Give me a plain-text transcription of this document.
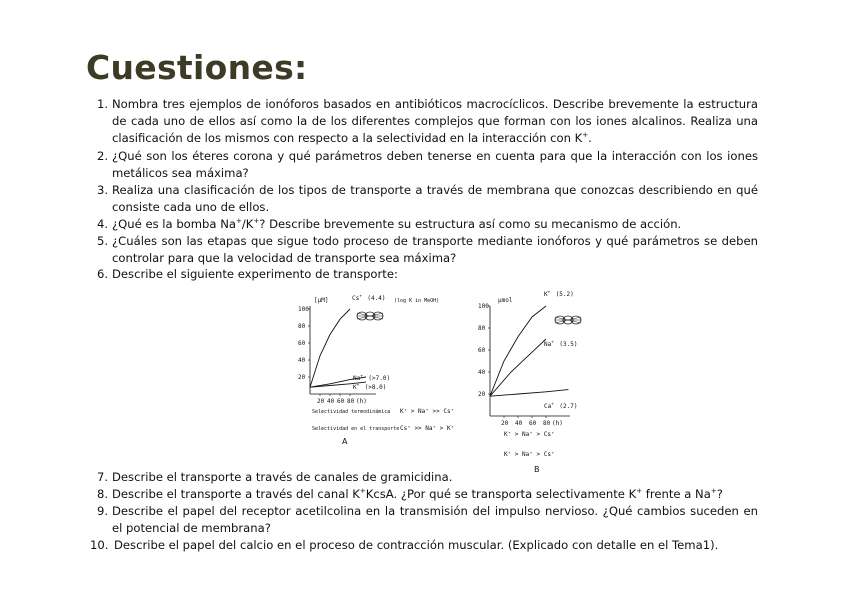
Cuestiones:
1. Nombra tres ejemplos de ionóforos basados en antibióticos macrocíclicos. Describe brevemente la estructura de cada uno de ellos así como la de los diferentes complejos que forman con los iones alcalinos. Realiza una clasificación de los mismos con respecto a la selectividad en la interacción con K+.
2. ¿Qué son los éteres corona y qué parámetros deben tenerse en cuenta para que la interacción con los iones metálicos sea máxima?
3. Realiza una clasificación de los tipos de transporte a través de membrana que conozcas describiendo en qué consiste cada uno de ellos.
4. ¿Qué es la bomba Na+/K+? Describe brevemente su estructura así como su mecanismo de acción.
5. ¿Cuáles son las etapas que sigue todo proceso de transporte mediante ionóforos y qué parámetros se deben controlar para que la velocidad de transporte sea máxima?
6. Describe el siguiente experimento de transporte:
7. Describe el transporte a través de canales de gramicidina.
8. Describe el transporte a través del canal K+KcsA. ¿Por qué se transporta selectivamente K+ frente a Na+?
9. Describe el papel del receptor acetilcolina en la transmisión del impulso nervioso. ¿Qué cambios suceden en el potencial de membrana?
10. Describe el papel del calcio en el proceso de contracción muscular. (Explicado con detalle en el Tema1).
[μM]
100
80
60
40
20
20 40 60 80 (h)
Cs + (4.4)
Na + (>7.0)
K + (>8.0)
(log K in MeOH)
Selectividad termodinámica K⁺ > Na⁺ >> Cs⁺
Selectividad en el transporte Cs⁺ >> Na⁺ > K⁺
A
μmol
100
80
60
40
20
20 40 60 80 (h)
K + (5.2)
Na + (3.5)
Ca + (2.7)
K⁺ > Na⁺ > Cs⁺
K⁺ > Na⁺ > Cs⁺
B
